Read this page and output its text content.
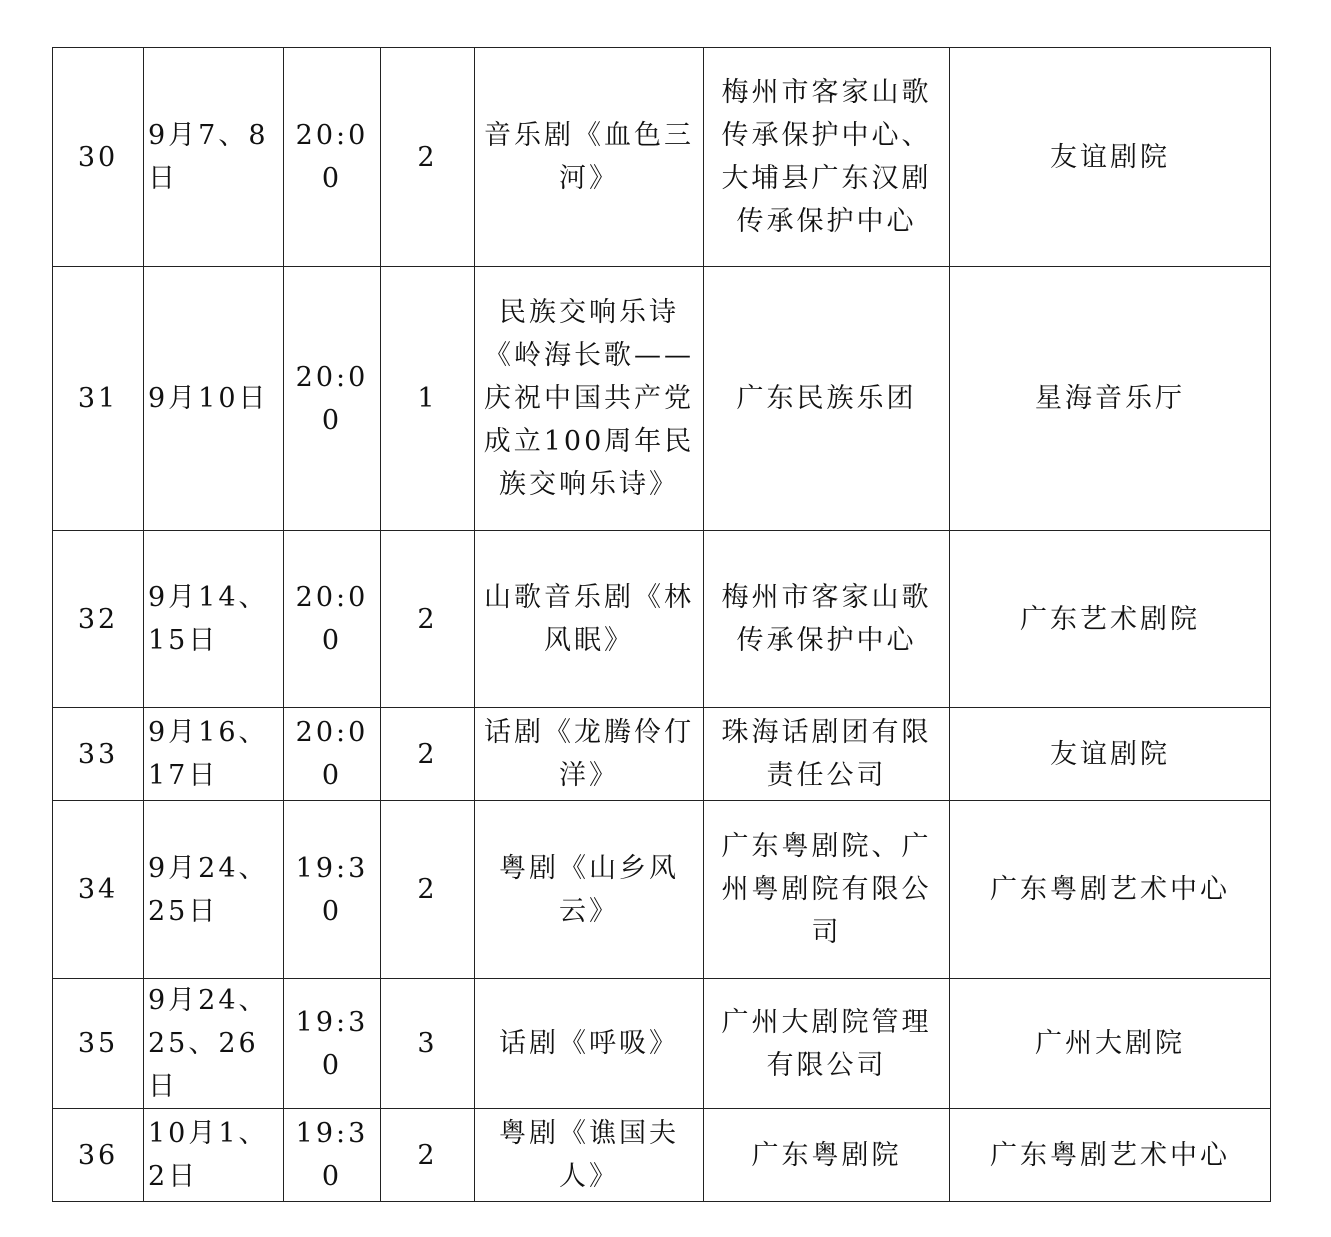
30	9月7、8日	20:00	2	音乐剧《血色三河》	梅州市客家山歌传承保护中心、大埔县广东汉剧传承保护中心	友谊剧院
31	9月10日	20:00	1	民族交响乐诗《岭海长歌——庆祝中国共产党成立100周年民族交响乐诗》	广东民族乐团	星海音乐厅
32	9月14、15日	20:00	2	山歌音乐剧《林风眠》	梅州市客家山歌传承保护中心	广东艺术剧院
33	9月16、17日	20:00	2	话剧《龙腾伶仃洋》	珠海话剧团有限责任公司	友谊剧院
34	9月24、25日	19:30	2	粤剧《山乡风云》	广东粤剧院、广州粤剧院有限公司	广东粤剧艺术中心
35	9月24、25、26日	19:30	3	话剧《呼吸》	广州大剧院管理有限公司	广州大剧院
36	10月1、2日	19:30	2	粤剧《谯国夫人》	广东粤剧院	广东粤剧艺术中心
